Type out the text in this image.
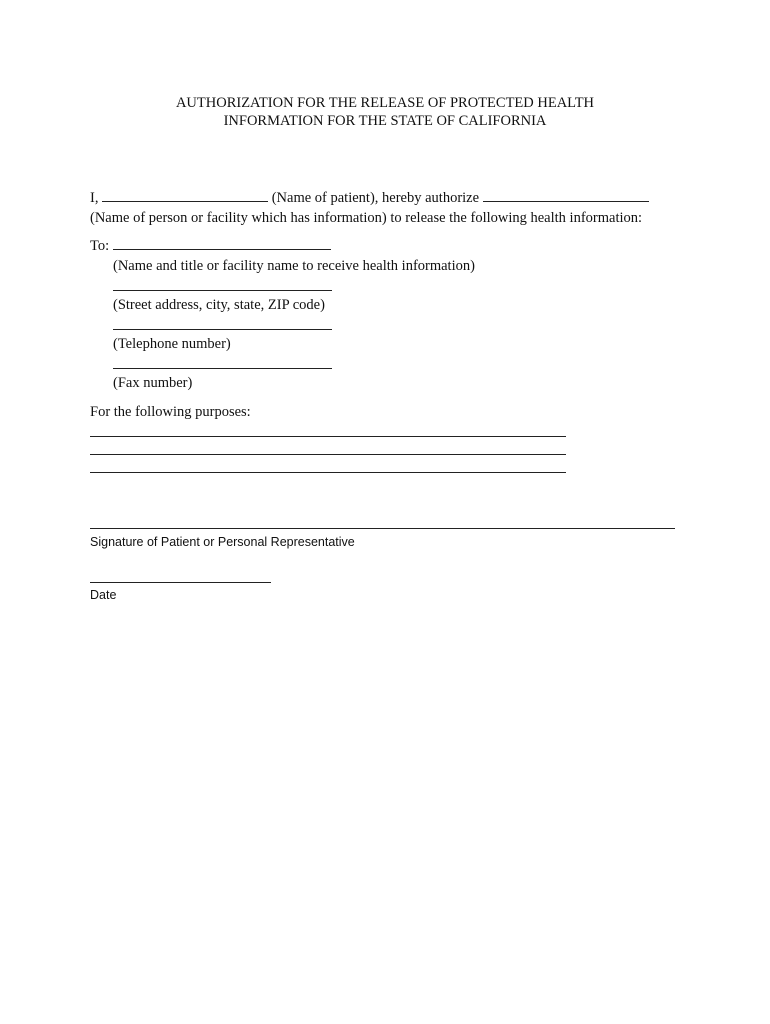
AUTHORIZATION FOR THE RELEASE OF PROTECTED HEALTH
INFORMATION FOR THE STATE OF CALIFORNIA
I,	(Name of patient), hereby authorize
(Name of person or facility which has information) to release the following health information:
To:
(Name and title or facility name to receive health information)
(Street address, city, state, ZIP code)
(Telephone number)
(Fax number)
For the following purposes:
Signature of Patient or Personal Representative
Date
